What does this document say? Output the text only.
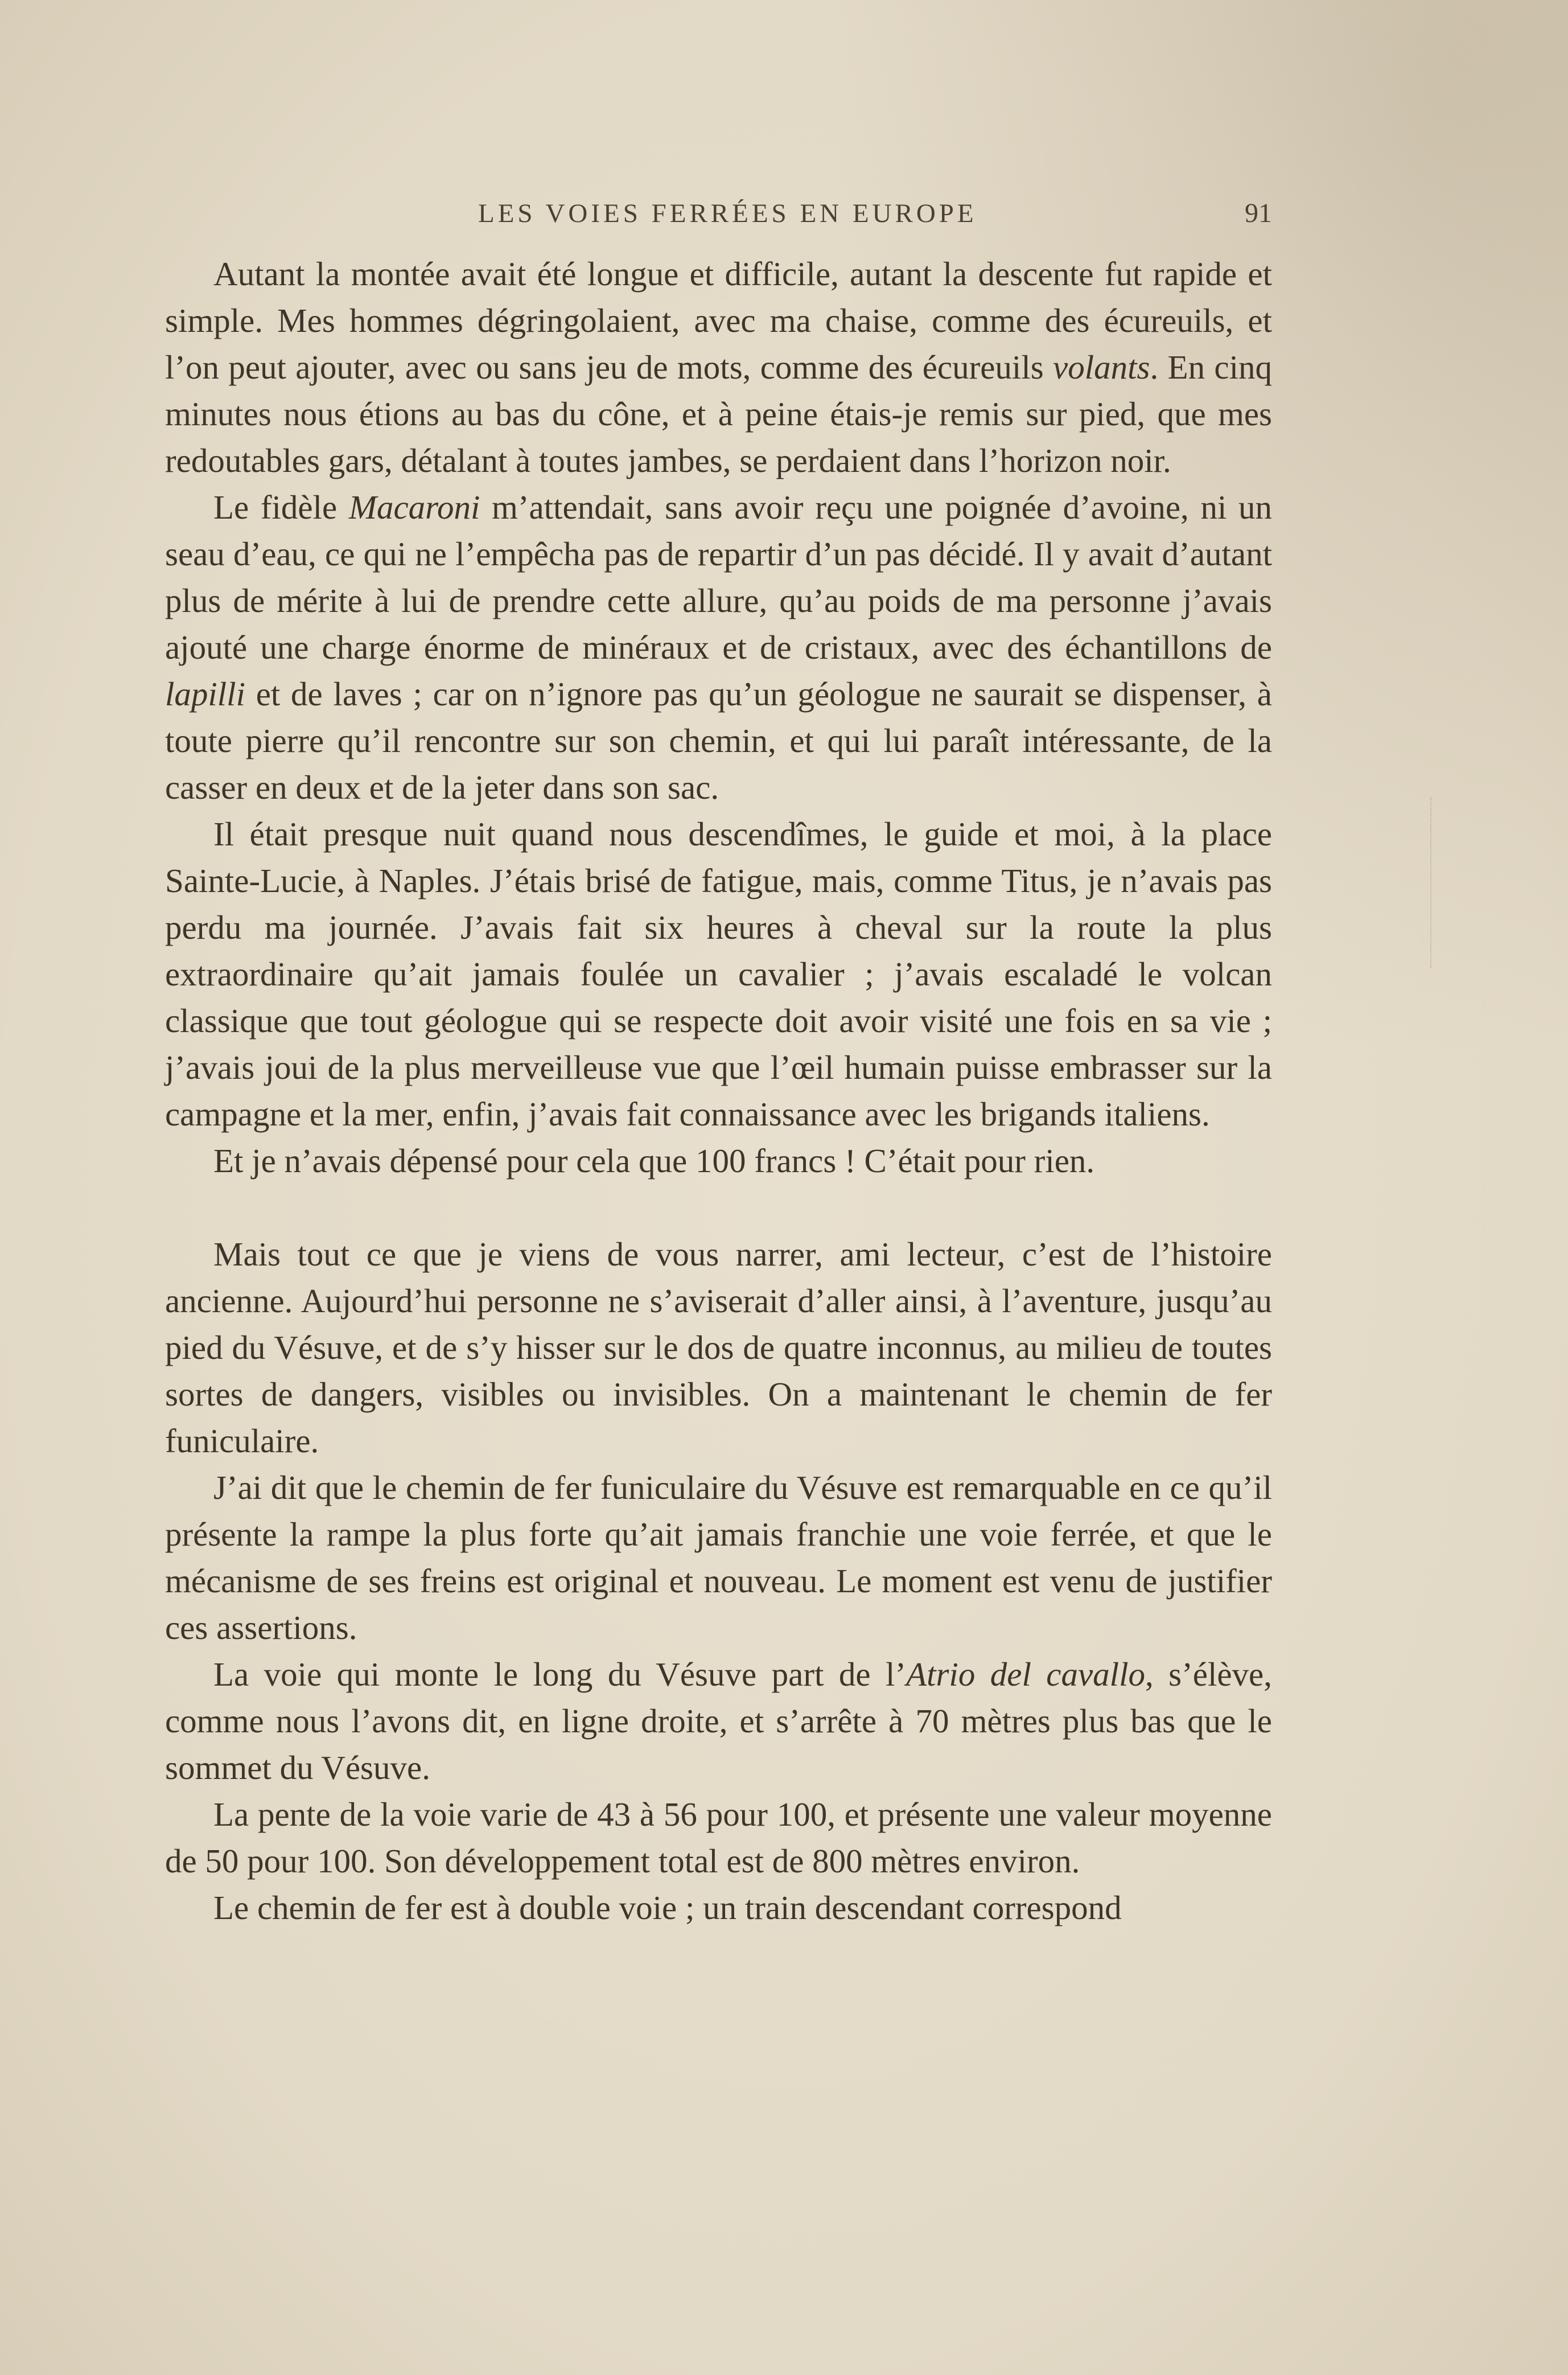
LES VOIES FERRÉES EN EUROPE	91

Autant la montée avait été longue et difficile, autant la descente fut rapide et simple. Mes hommes dégringolaient, avec ma chaise, comme des écureuils, et l’on peut ajouter, avec ou sans jeu de mots, comme des écureuils volants. En cinq minutes nous étions au bas du cône, et à peine étais-je remis sur pied, que mes redoutables gars, détalant à toutes jambes, se perdaient dans l’horizon noir.

Le fidèle Macaroni m’attendait, sans avoir reçu une poignée d’avoine, ni un seau d’eau, ce qui ne l’empêcha pas de repartir d’un pas décidé. Il y avait d’autant plus de mérite à lui de prendre cette allure, qu’au poids de ma personne j’avais ajouté une charge énorme de minéraux et de cristaux, avec des échantillons de lapilli et de laves ; car on n’ignore pas qu’un géologue ne saurait se dispenser, à toute pierre qu’il rencontre sur son chemin, et qui lui paraît intéressante, de la casser en deux et de la jeter dans son sac.

Il était presque nuit quand nous descendîmes, le guide et moi, à la place Sainte-Lucie, à Naples. J’étais brisé de fatigue, mais, comme Titus, je n’avais pas perdu ma journée. J’avais fait six heures à cheval sur la route la plus extraordinaire qu’ait jamais foulée un cavalier ; j’avais escaladé le volcan classique que tout géologue qui se respecte doit avoir visité une fois en sa vie ; j’avais joui de la plus merveilleuse vue que l’œil humain puisse embrasser sur la campagne et la mer, enfin, j’avais fait connaissance avec les brigands italiens.

Et je n’avais dépensé pour cela que 100 francs ! C’était pour rien.

Mais tout ce que je viens de vous narrer, ami lecteur, c’est de l’histoire ancienne. Aujourd’hui personne ne s’aviserait d’aller ainsi, à l’aventure, jusqu’au pied du Vésuve, et de s’y hisser sur le dos de quatre inconnus, au milieu de toutes sortes de dangers, visibles ou invisibles. On a maintenant le chemin de fer funiculaire.

J’ai dit que le chemin de fer funiculaire du Vésuve est remarquable en ce qu’il présente la rampe la plus forte qu’ait jamais franchie une voie ferrée, et que le mécanisme de ses freins est original et nouveau. Le moment est venu de justifier ces assertions.

La voie qui monte le long du Vésuve part de l’Atrio del cavallo, s’élève, comme nous l’avons dit, en ligne droite, et s’arrête à 70 mètres plus bas que le sommet du Vésuve.

La pente de la voie varie de 43 à 56 pour 100, et présente une valeur moyenne de 50 pour 100. Son développement total est de 800 mètres environ.

Le chemin de fer est à double voie ; un train descendant correspond
